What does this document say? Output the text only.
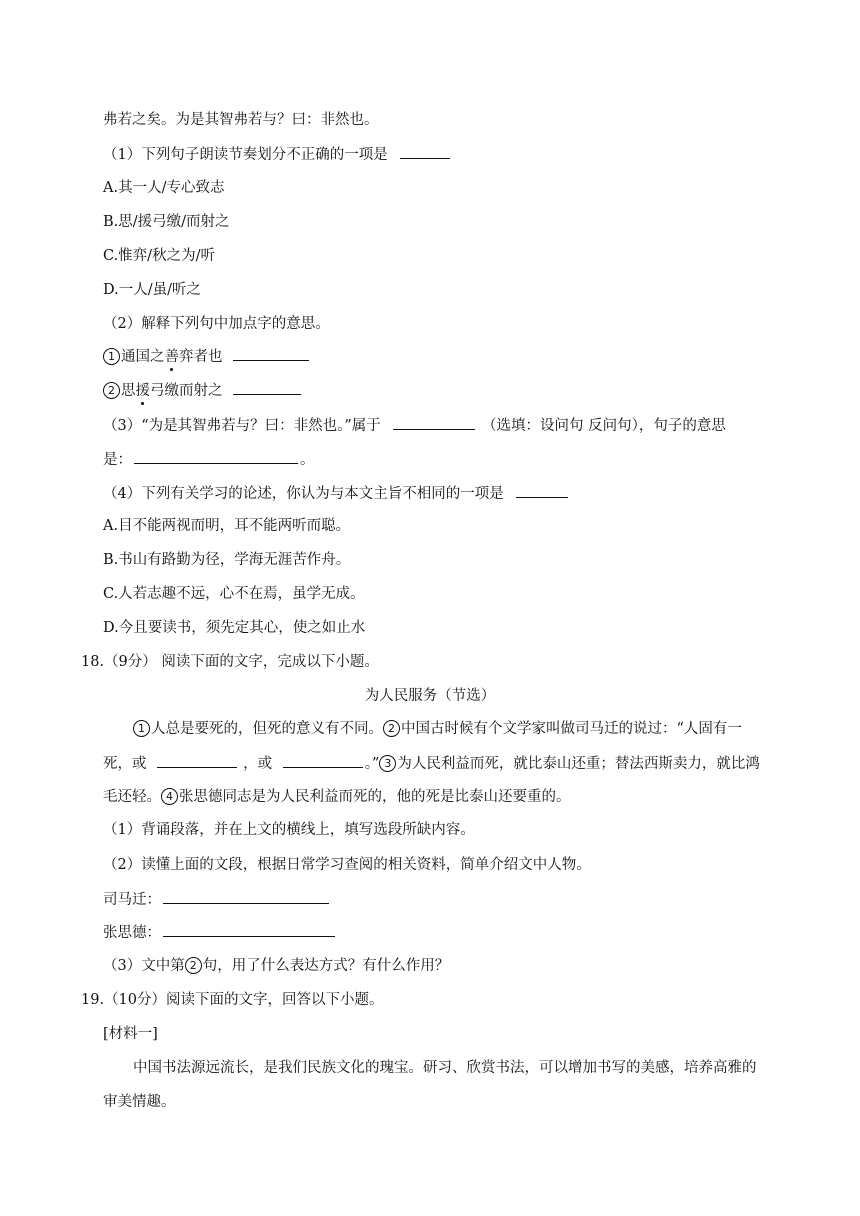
弗若之矣。为是其智弗若与？曰：非然也。
（1）下列句子朗读节奏划分不正确的一项是
A.其一人/专心致志
B.思/援弓缴/而射之
C.惟弈/秋之为/听
D.一人/虽/听之
（2）解释下列句中加点字的意思。
1 通国之善弈者也
2 思援弓缴而射之
（3）“为是其智弗若与？曰：非然也。”属于	（选填：设问句 反问句），句子的意思
是：	。
（4）下列有关学习的论述，你认为与本文主旨不相同的一项是
A.目不能两视而明，耳不能两听而聪。
B.书山有路勤为径，学海无涯苦作舟。
C.人若志趣不远，心不在焉，虽学无成。
D.今且要读书，须先定其心，使之如止水
18.（9分） 阅读下面的文字，完成以下小题。
为人民服务（节选）
1 人总是要死的，但死的意义有不同。 2 中国古时候有个文学家叫做司马迁的说过：“人固有一
死，或	，或	。” 3 为人民利益而死，就比泰山还重；替法西斯卖力，就比鸿
毛还轻。 4 张思德同志是为人民利益而死的，他的死是比泰山还要重的。
（1）背诵段落，并在上文的横线上，填写选段所缺内容。
（2）读懂上面的文段，根据日常学习查阅的相关资料，简单介绍文中人物。
司马迁：
张思德：
（3）文中第 2 句，用了什么表达方式？有什么作用？
19.（10分）阅读下面的文字，回答以下小题。
[材料一]
中国书法源远流长，是我们民族文化的瑰宝。研习、欣赏书法，可以增加书写的美感，培养高雅的
审美情趣。
